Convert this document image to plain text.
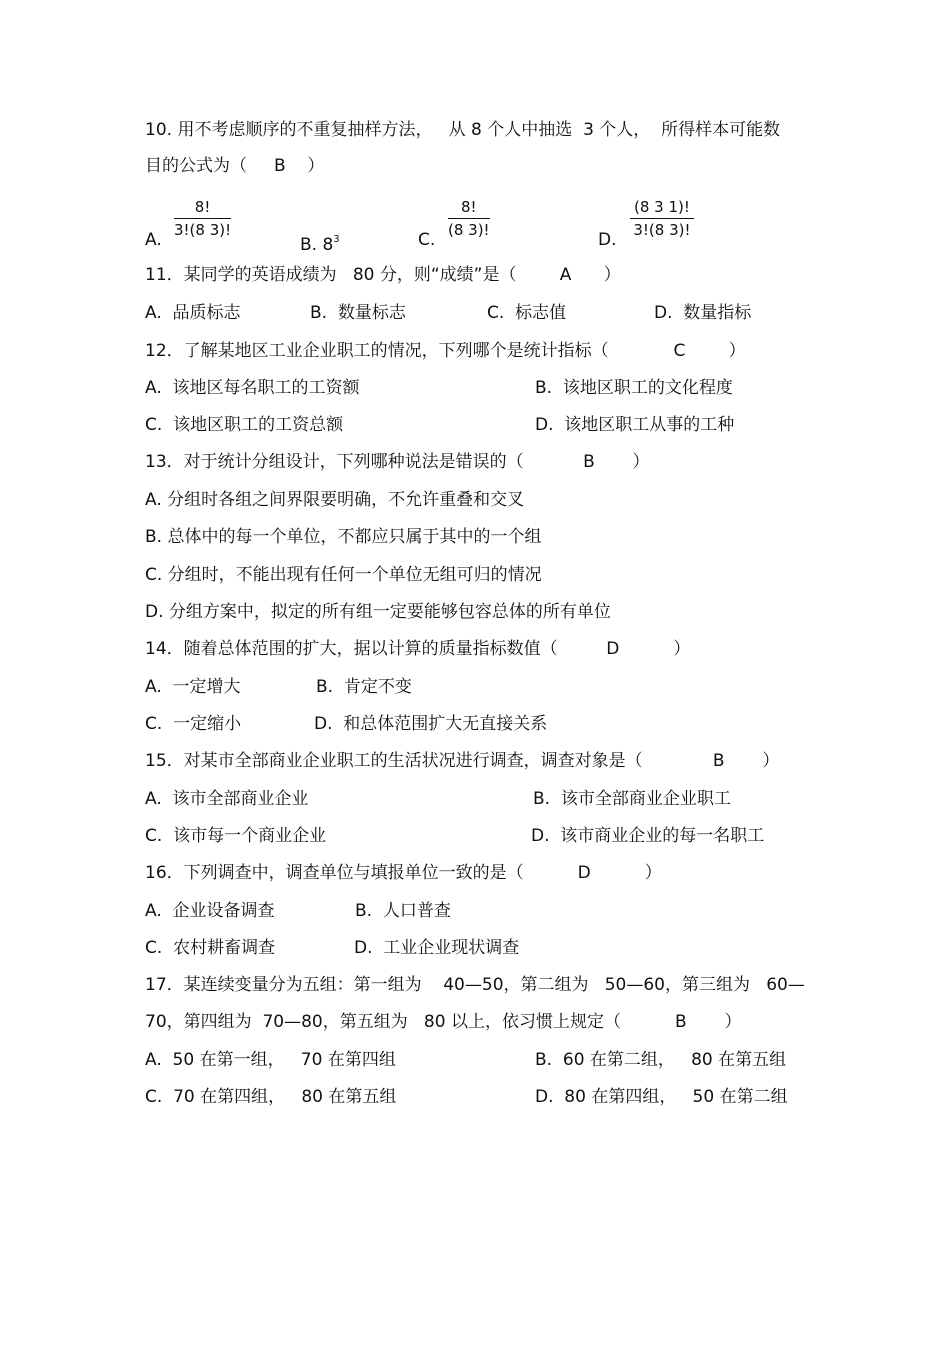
10. 用不考虑顺序的不重复抽样方法，   从 8 个人中抽选  3 个人，  所得样本可能数
目的公式为（     B    ）
A.
$\frac{8!}{3!(8 3)!}$
B. $8^3$	C.
$\frac{8!}{(8 3)!}$
D.
$\frac{(8 3 1)!}{3!(8 3)!}$
11．某同学的英语成绩为   80 分，则“成绩”是（        A      ）
A.  品质标志	B.  数量标志	C.  标志值	D.  数量指标
12．了解某地区工业企业职工的情况，下列哪个是统计指标（            C        ）
A.  该地区每名职工的工资额	B.  该地区职工的文化程度
C.  该地区职工的工资总额	D.  该地区职工从事的工种
13．对于统计分组设计，下列哪种说法是错误的（           B       ）
A. 分组时各组之间界限要明确，不允许重叠和交叉
B. 总体中的每一个单位，不都应只属于其中的一个组
C. 分组时，不能出现有任何一个单位无组可归的情况
D. 分组方案中，拟定的所有组一定要能够包容总体的所有单位
14．随着总体范围的扩大，据以计算的质量指标数值（         D          ）
A.  一定增大	B.  肯定不变
C.  一定缩小	D.  和总体范围扩大无直接关系
15．对某市全部商业企业职工的生活状况进行调查，调查对象是（             B       ）
A.  该市全部商业企业	B.  该市全部商业企业职工
C.  该市每一个商业企业	D.  该市商业企业的每一名职工
16．下列调查中，调查单位与填报单位一致的是（          D          ）
A.  企业设备调查	B.  人口普查
C.  农村耕畜调查	D.  工业企业现状调查
17．某连续变量分为五组：第一组为    40—50，第二组为   50—60，第三组为   60—
70，第四组为  70—80，第五组为   80 以上，依习惯上规定（          B       ）
A.  50 在第一组，   70 在第四组	B.  60 在第二组，   80 在第五组
C.  70 在第四组，   80 在第五组	D.  80 在第四组，   50 在第二组
